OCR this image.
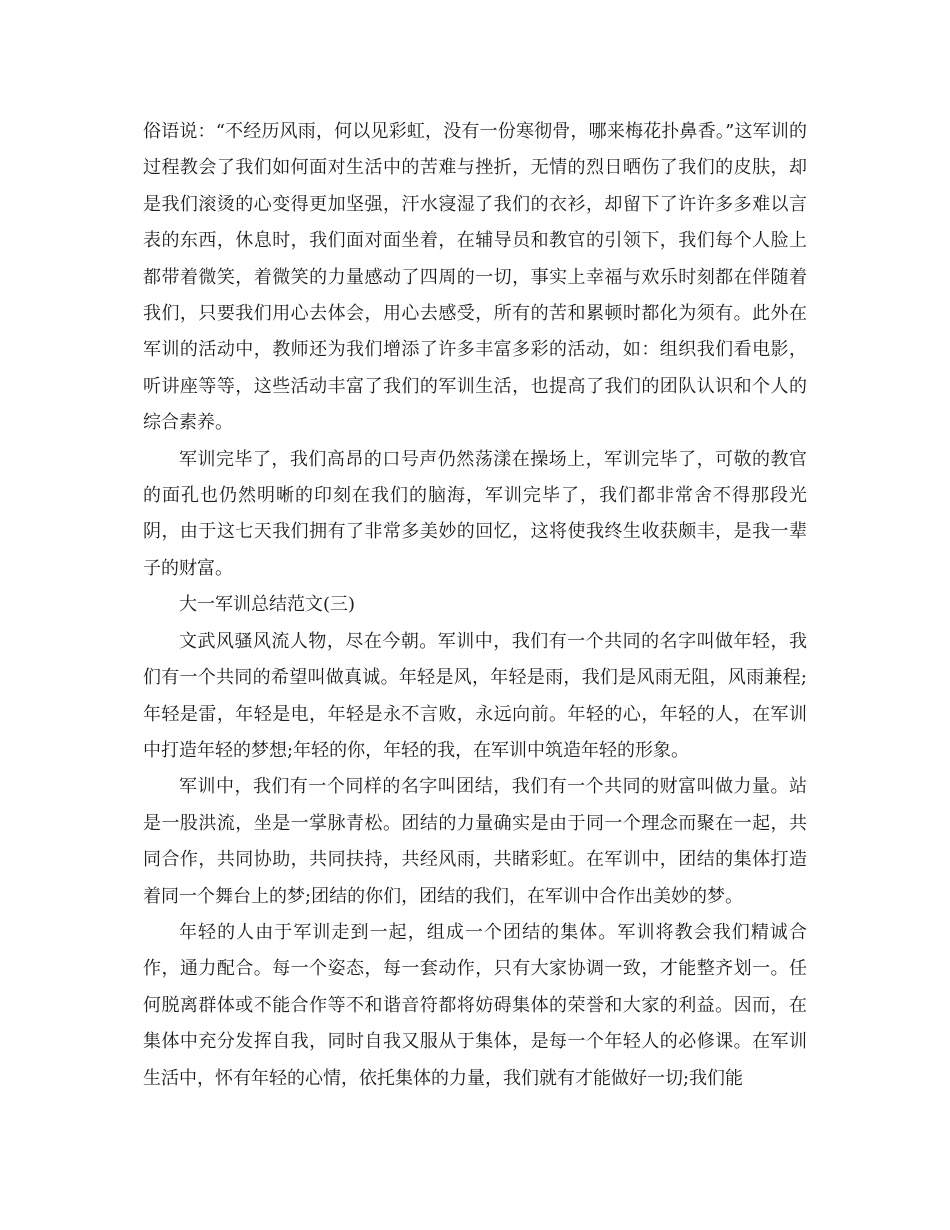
俗语说：“不经历风雨，何以见彩虹，没有一份寒彻骨，哪来梅花扑鼻香。”这军训的过程教会了我们如何面对生活中的苦难与挫折，无情的烈日晒伤了我们的皮肤，却是我们滚烫的心变得更加坚强，汗水寖湿了我们的衣衫，却留下了许许多多难以言表的东西，休息时，我们面对面坐着，在辅导员和教官的引领下，我们每个人脸上都带着微笑，着微笑的力量感动了四周的一切，事实上幸福与欢乐时刻都在伴随着我们，只要我们用心去体会，用心去感受，所有的苦和累顿时都化为须有。此外在军训的活动中，教师还为我们增添了许多丰富多彩的活动，如：组织我们看电影，听讲座等等，这些活动丰富了我们的军训生活，也提高了我们的团队认识和个人的综合素养。

军训完毕了，我们高昂的口号声仍然荡漾在操场上，军训完毕了，可敬的教官的面孔也仍然明晰的印刻在我们的脑海，军训完毕了，我们都非常舍不得那段光阴，由于这七天我们拥有了非常多美妙的回忆，这将使我终生收获颇丰，是我一辈子的财富。

大一军训总结范文(三)

文武风骚风流人物，尽在今朝。军训中，我们有一个共同的名字叫做年轻，我们有一个共同的希望叫做真诚。年轻是风，年轻是雨，我们是风雨无阻，风雨兼程;年轻是雷，年轻是电，年轻是永不言败，永远向前。年轻的心，年轻的人，在军训中打造年轻的梦想;年轻的你，年轻的我，在军训中筑造年轻的形象。

军训中，我们有一个同样的名字叫团结，我们有一个共同的财富叫做力量。站是一股洪流，坐是一掌脉青松。团结的力量确实是由于同一个理念而聚在一起，共同合作，共同协助，共同扶持，共经风雨，共睹彩虹。在军训中，团结的集体打造着同一个舞台上的梦;团结的你们，团结的我们，在军训中合作出美妙的梦。

年轻的人由于军训走到一起，组成一个团结的集体。军训将教会我们精诚合作，通力配合。每一个姿态，每一套动作，只有大家协调一致，才能整齐划一。任何脱离群体或不能合作等不和谐音符都将妨碍集体的荣誉和大家的利益。因而，在集体中充分发挥自我，同时自我又服从于集体，是每一个年轻人的必修课。在军训生活中，怀有年轻的心情，依托集体的力量，我们就有才能做好一切;我们能
